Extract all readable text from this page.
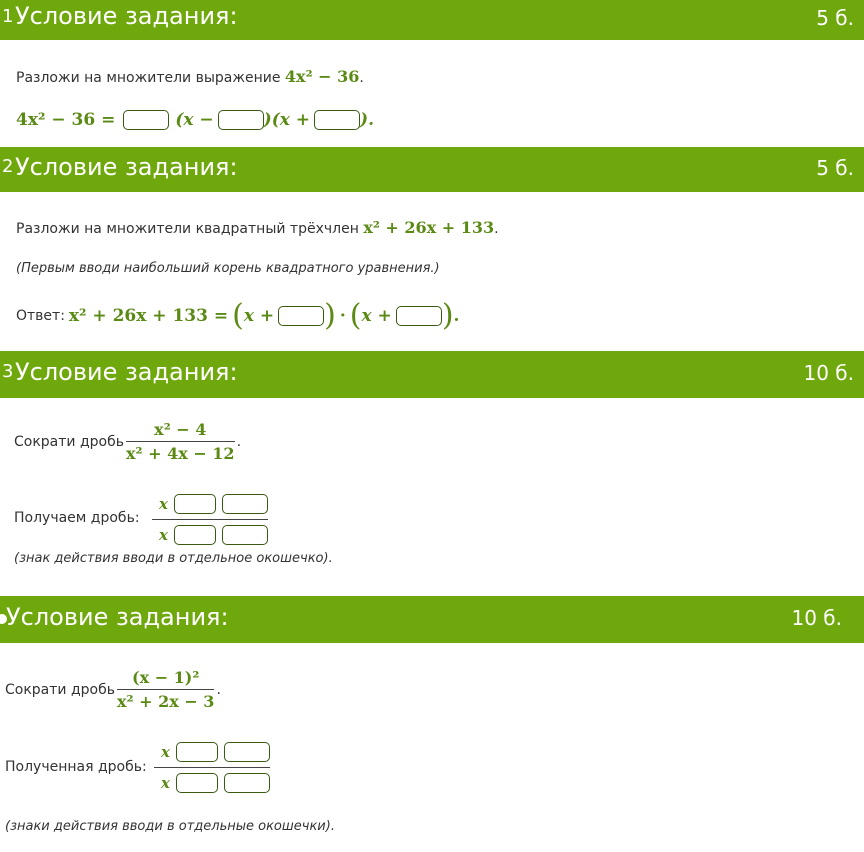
1 Условие задания:	5 б.
Разложи на множители выражение 4x² − 36.
4x² − 36 =	(x −	)(x +	).
2 Условие задания:	5 б.
Разложи на множители квадратный трёхчлен x² + 26x + 133.
(Первым вводи наибольший корень квадратного уравнения.)
Ответ: x² + 26x + 133 = ( x + ) · ( x + ) .
3 Условие задания:	10 б.
Сократи дробь $\frac{\text{x² − 4}}{\text{x² + 4x − 12}}$ .
Получаем дробь:
x
x
(знак действия вводи в отдельное окошечко).
Условие задания:	10 б.
Сократи дробь $\frac{\text{(x − 1)²}}{\text{x² + 2x − 3}}$ .
Полученная дробь:
x
x
(знаки действия вводи в отдельные окошечки).
